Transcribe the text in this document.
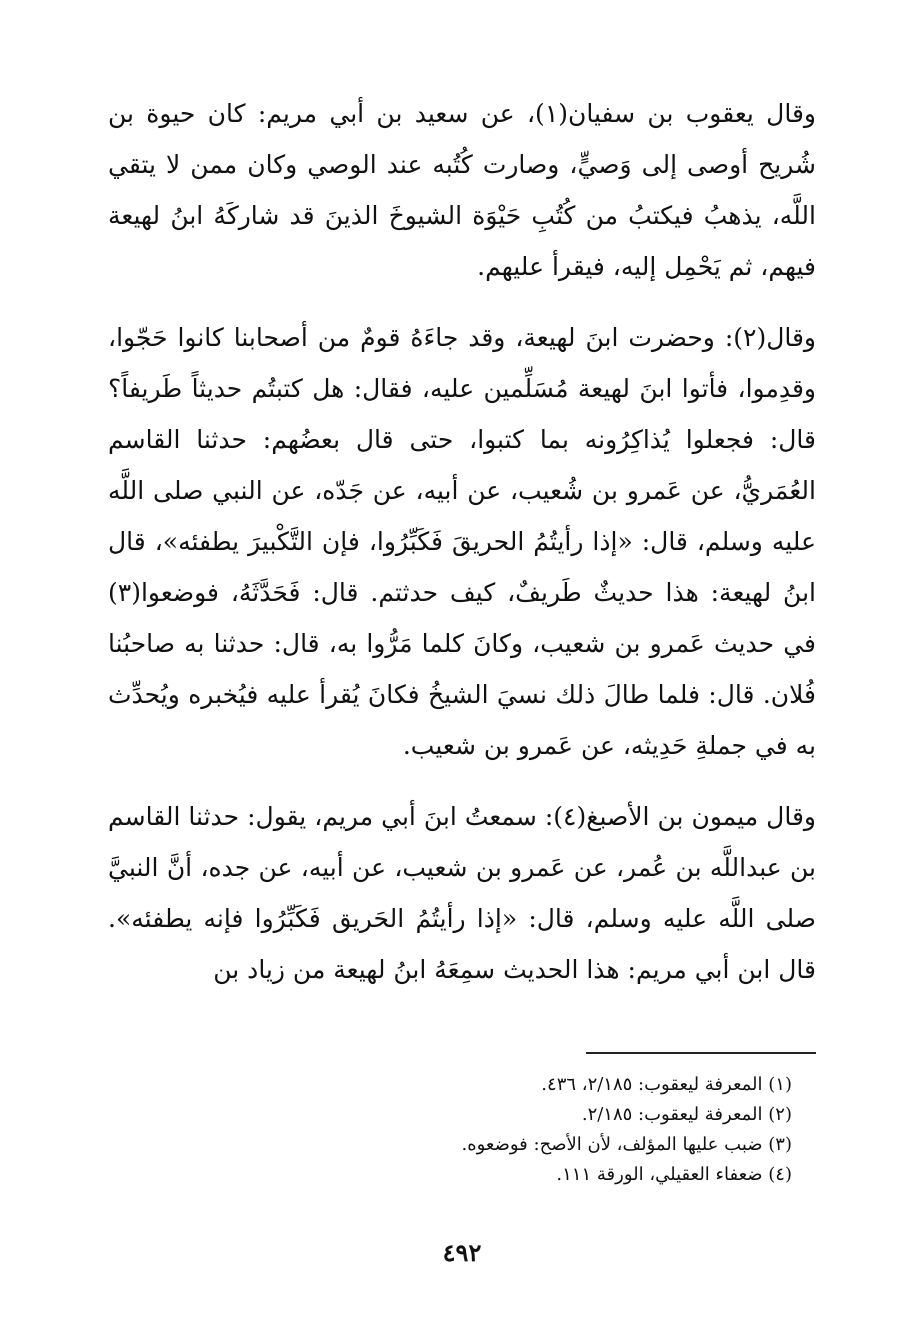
وقال يعقوب بن سفيان(١)، عن سعيد بن أبي مريم: كان حيوة بن شُريح أوصى إلى وَصيٍّ، وصارت كُتُبه عند الوصي وكان ممن لا يتقي اللَّه، يذهبُ فيكتبُ من كُتُبِ حَيْوَة الشيوخَ الذينَ قد شاركَهُ ابنُ لهيعة فيهم، ثم يَحْمِل إليه، فيقرأ عليهم.

وقال(٢): وحضرت ابنَ لهيعة، وقد جاءَهُ قومٌ من أصحابنا كانوا حَجّوا، وقدِموا، فأتوا ابنَ لهيعة مُسَلِّمين عليه، فقال: هل كتبتُم حديثاً طَريفاً؟ قال: فجعلوا يُذاكِرُونه بما كتبوا، حتى قال بعضُهم: حدثنا القاسم العُمَريُّ، عن عَمرو بن شُعيب، عن أبيه، عن جَدّه، عن النبي صلى اللَّه عليه وسلم، قال: «إذا رأيتُمُ الحريقَ فَكَبِّرُوا، فإن التَّكْبيرَ يطفئه»، قال ابنُ لهيعة: هذا حديثٌ طَريفٌ، كيف حدثتم. قال: فَحَدَّثَهُ، فوضعوا(٣) في حديث عَمرو بن شعيب، وكانَ كلما مَرُّوا به، قال: حدثنا به صاحبُنا فُلان. قال: فلما طالَ ذلك نسيَ الشيخُ فكانَ يُقرأ عليه فيُخبره ويُحدِّث به في جملةِ حَدِيثه، عن عَمرو بن شعيب.

وقال ميمون بن الأصبغ(٤): سمعتُ ابنَ أبي مريم، يقول: حدثنا القاسم بن عبداللَّه بن عُمر، عن عَمرو بن شعيب، عن أبيه، عن جده، أنَّ النبيَّ صلى اللَّه عليه وسلم، قال: «إذا رأيتُمُ الحَريق فَكَبِّرُوا فإنه يطفئه». قال ابن أبي مريم: هذا الحديث سمِعَهُ ابنُ لهيعة من زياد بن

(١) المعرفة ليعقوب: ٢/١٨٥، ٤٣٦.

(٢) المعرفة ليعقوب: ٢/١٨٥.

(٣) ضبب عليها المؤلف، لأن الأصح: فوضعوه.

(٤) ضعفاء العقيلي، الورقة ١١١.

٤٩٢
